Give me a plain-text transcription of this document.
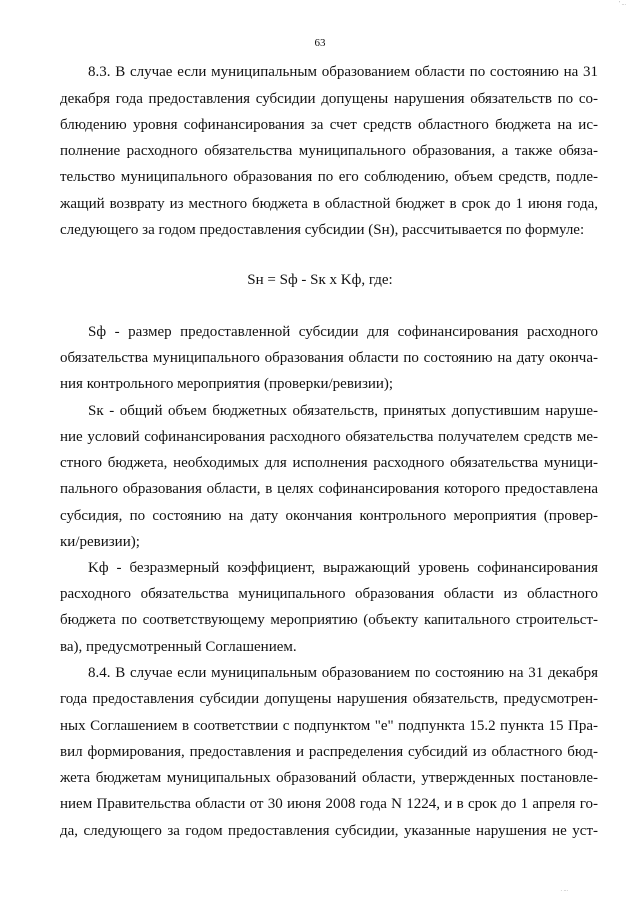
' ...
63
8.3. В случае если муниципальным образованием области по состоянию на 31
декабря года предоставления субсидии допущены нарушения обязательств по со-
блюдению уровня софинансирования за счет средств областного бюджета на ис-
полнение расходного обязательства муниципального образования, а также обяза-
тельство муниципального образования по его соблюдению, объем средств, подле-
жащий возврату из местного бюджета в областной бюджет в срок до 1 июня года,
следующего за годом предоставления субсидии (Sн), рассчитывается по формуле:
Sн = Sф - Sк x Kф, где:
Sф - размер предоставленной субсидии для софинансирования расходного
обязательства муниципального образования области по состоянию на дату оконча-
ния контрольного мероприятия (проверки/ревизии);
Sк - общий объем бюджетных обязательств, принятых допустившим наруше-
ние условий софинансирования расходного обязательства получателем средств ме-
стного бюджета, необходимых для исполнения расходного обязательства муници-
пального образования области, в целях софинансирования которого предоставлена
субсидия, по состоянию на дату окончания контрольного мероприятия (провер-
ки/ревизии);
Kф - безразмерный коэффициент, выражающий уровень софинансирования
расходного обязательства муниципального образования области из областного
бюджета по соответствующему мероприятию (объекту капитального строительст-
ва), предусмотренный Соглашением.
8.4. В случае если муниципальным образованием по состоянию на 31 декабря
года предоставления субсидии допущены нарушения обязательств, предусмотрен-
ных Соглашением в соответствии с подпунктом "е" подпункта 15.2 пункта 15 Пра-
вил формирования, предоставления и распределения субсидий из областного бюд-
жета бюджетам муниципальных образований области, утвержденных постановле-
нием Правительства области от 30 июня 2008 года N 1224, и в срок до 1 апреля го-
да, следующего за годом предоставления субсидии, указанные нарушения не уст-
. ...
